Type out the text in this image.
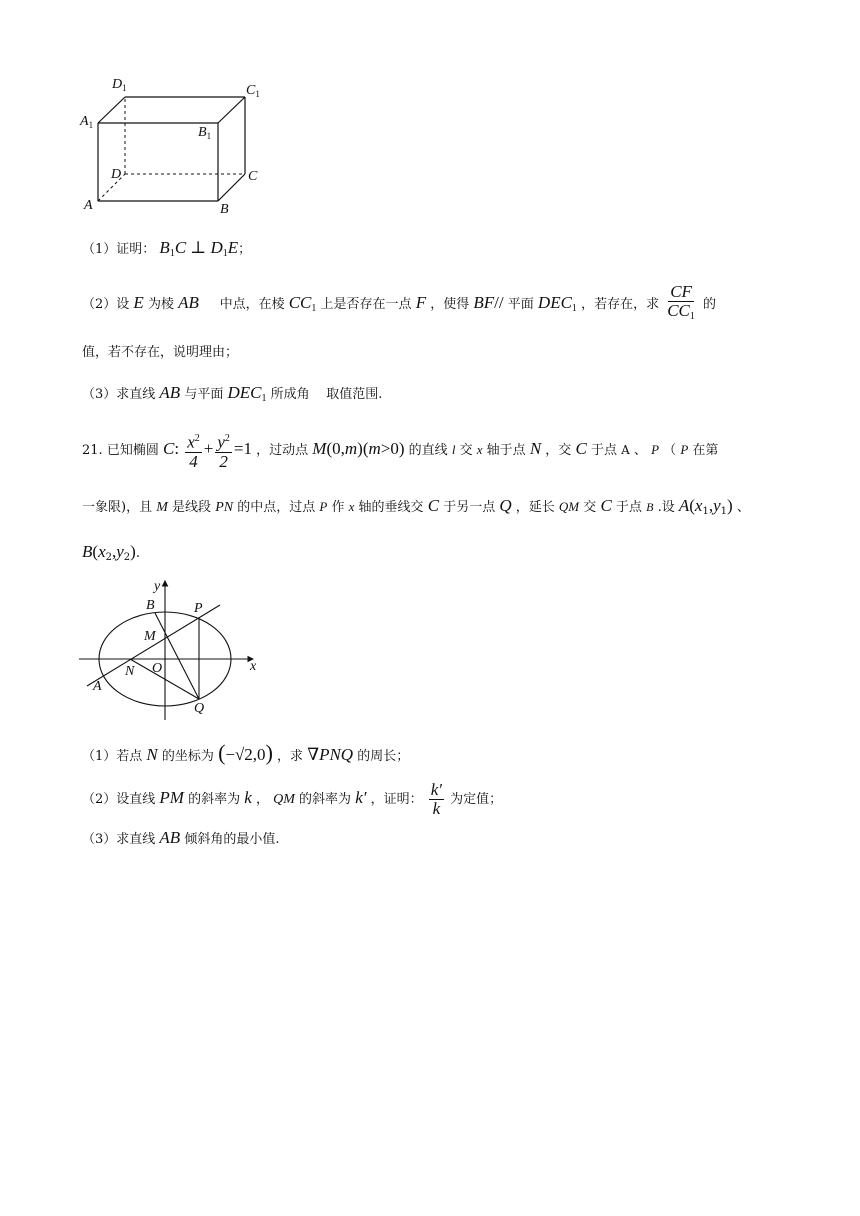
$D_1$	$C_1$
$A_1$	$B_1$
D	C
A	B
（1）证明： $B_1C$ ⊥ $D_1E$；
（2）设 E 为棱 AB 中点，在棱 $CC_1$ 上是否存在一点 F ，使得 BF// 平面 $DEC_1$ ，若存在，求 $\frac{CF}{CC_1}$ 的
值，若不存在，说明理由；
（3）求直线 AB 与平面 $DEC_1$ 所成角 取值范围.
21. 已知椭圆 C: $\frac{x^2}{4} + \frac{y^2}{2} =1$ ，过动点 M(0,m)(m>0) 的直线 l 交 x 轴于点 N ，交 C 于点 A 、 P （ P 在第
一象限)，且 M 是线段 PN 的中点，过点 P 作 x 轴的垂线交 C 于另一点 Q ，延长 QM 交 C 于点 B .设 $A(x_1,y_1)$ 、
$B(x_2,y_2)$.
y
x
B	P
M
N O
A
Q
（1）若点 N 的坐标为 (−√2,0) ，求 ∇PNQ 的周长；
（2）设直线 PM 的斜率为 k ， QM 的斜率为 k′ ，证明： $\frac{k'}{k}$ 为定值；
（3）求直线 AB 倾斜角的最小值.
